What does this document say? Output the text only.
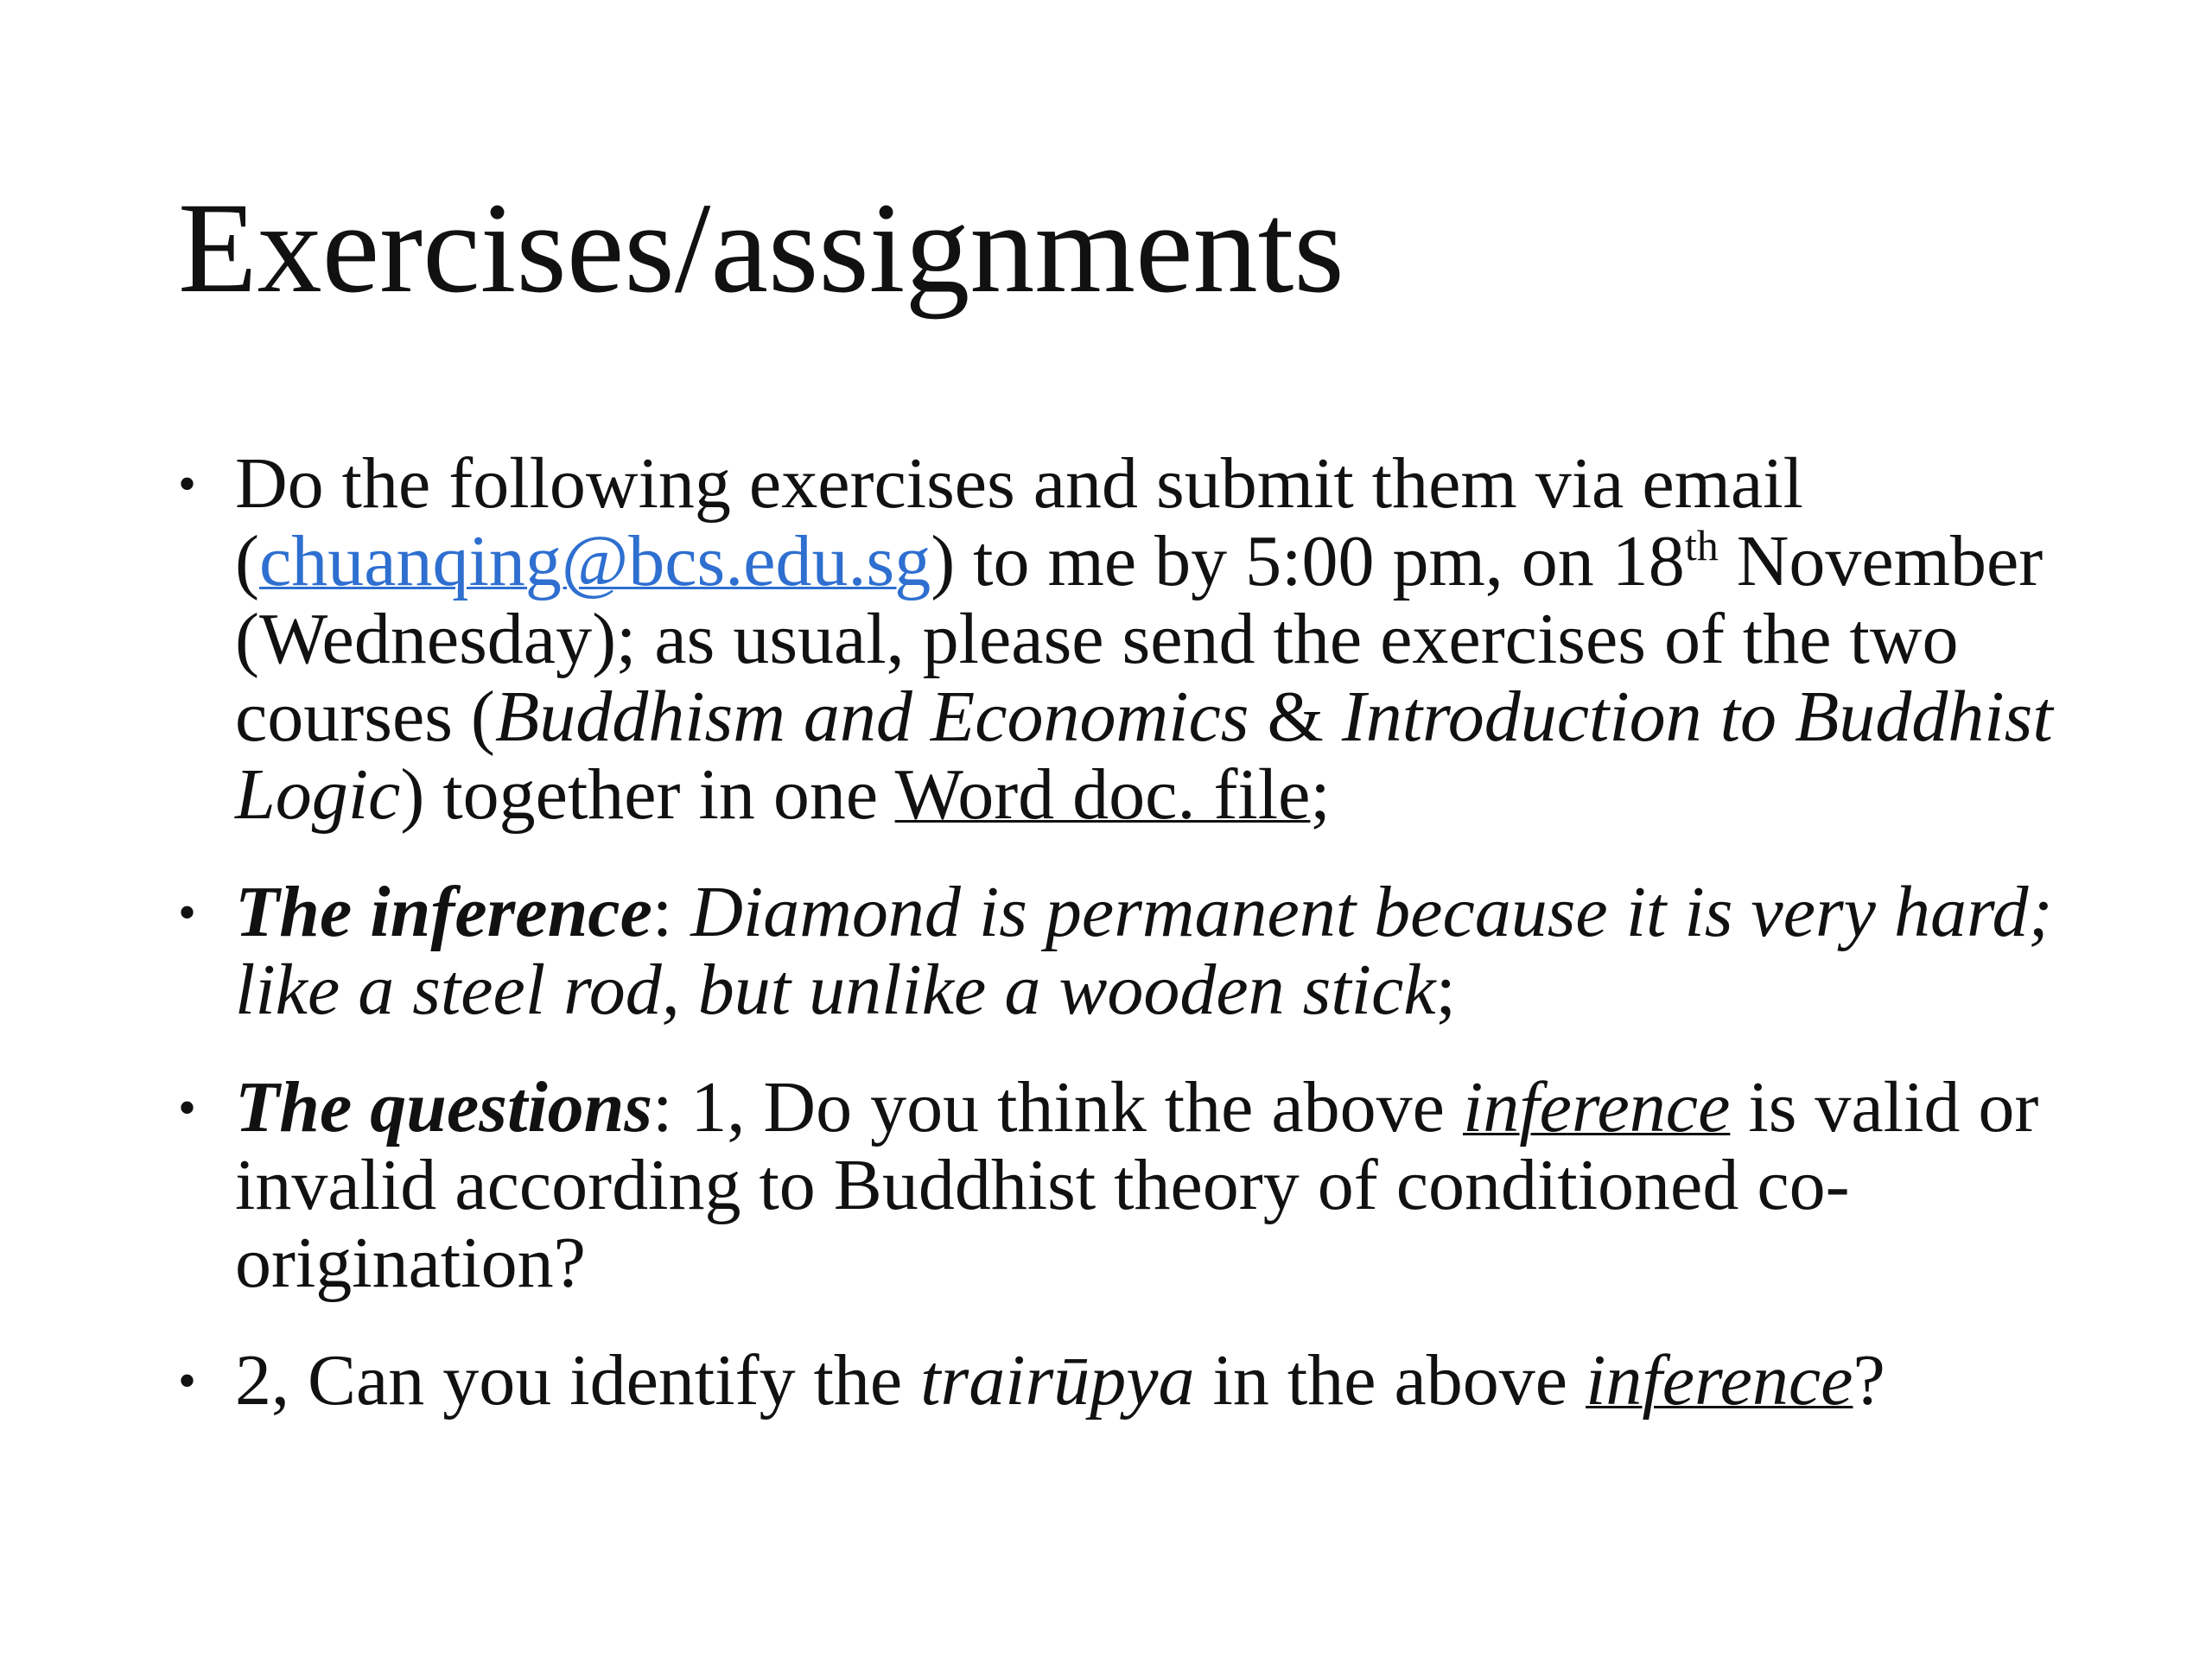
Exercises/assignments
• Do the following exercises and submit them via email (chuanqing@bcs.edu.sg) to me by 5:00 pm, on 18th November (Wednesday); as usual, please send the exercises of the two courses (Buddhism and Economics & Introduction to Buddhist Logic) together in one Word doc. file;
• The inference: Diamond is permanent because it is very hard; like a steel rod, but unlike a wooden stick;
• The questions: 1, Do you think the above inference is valid or invalid according to Buddhist theory of conditioned co-origination?
• 2, Can you identify the trairūpya in the above inference?
